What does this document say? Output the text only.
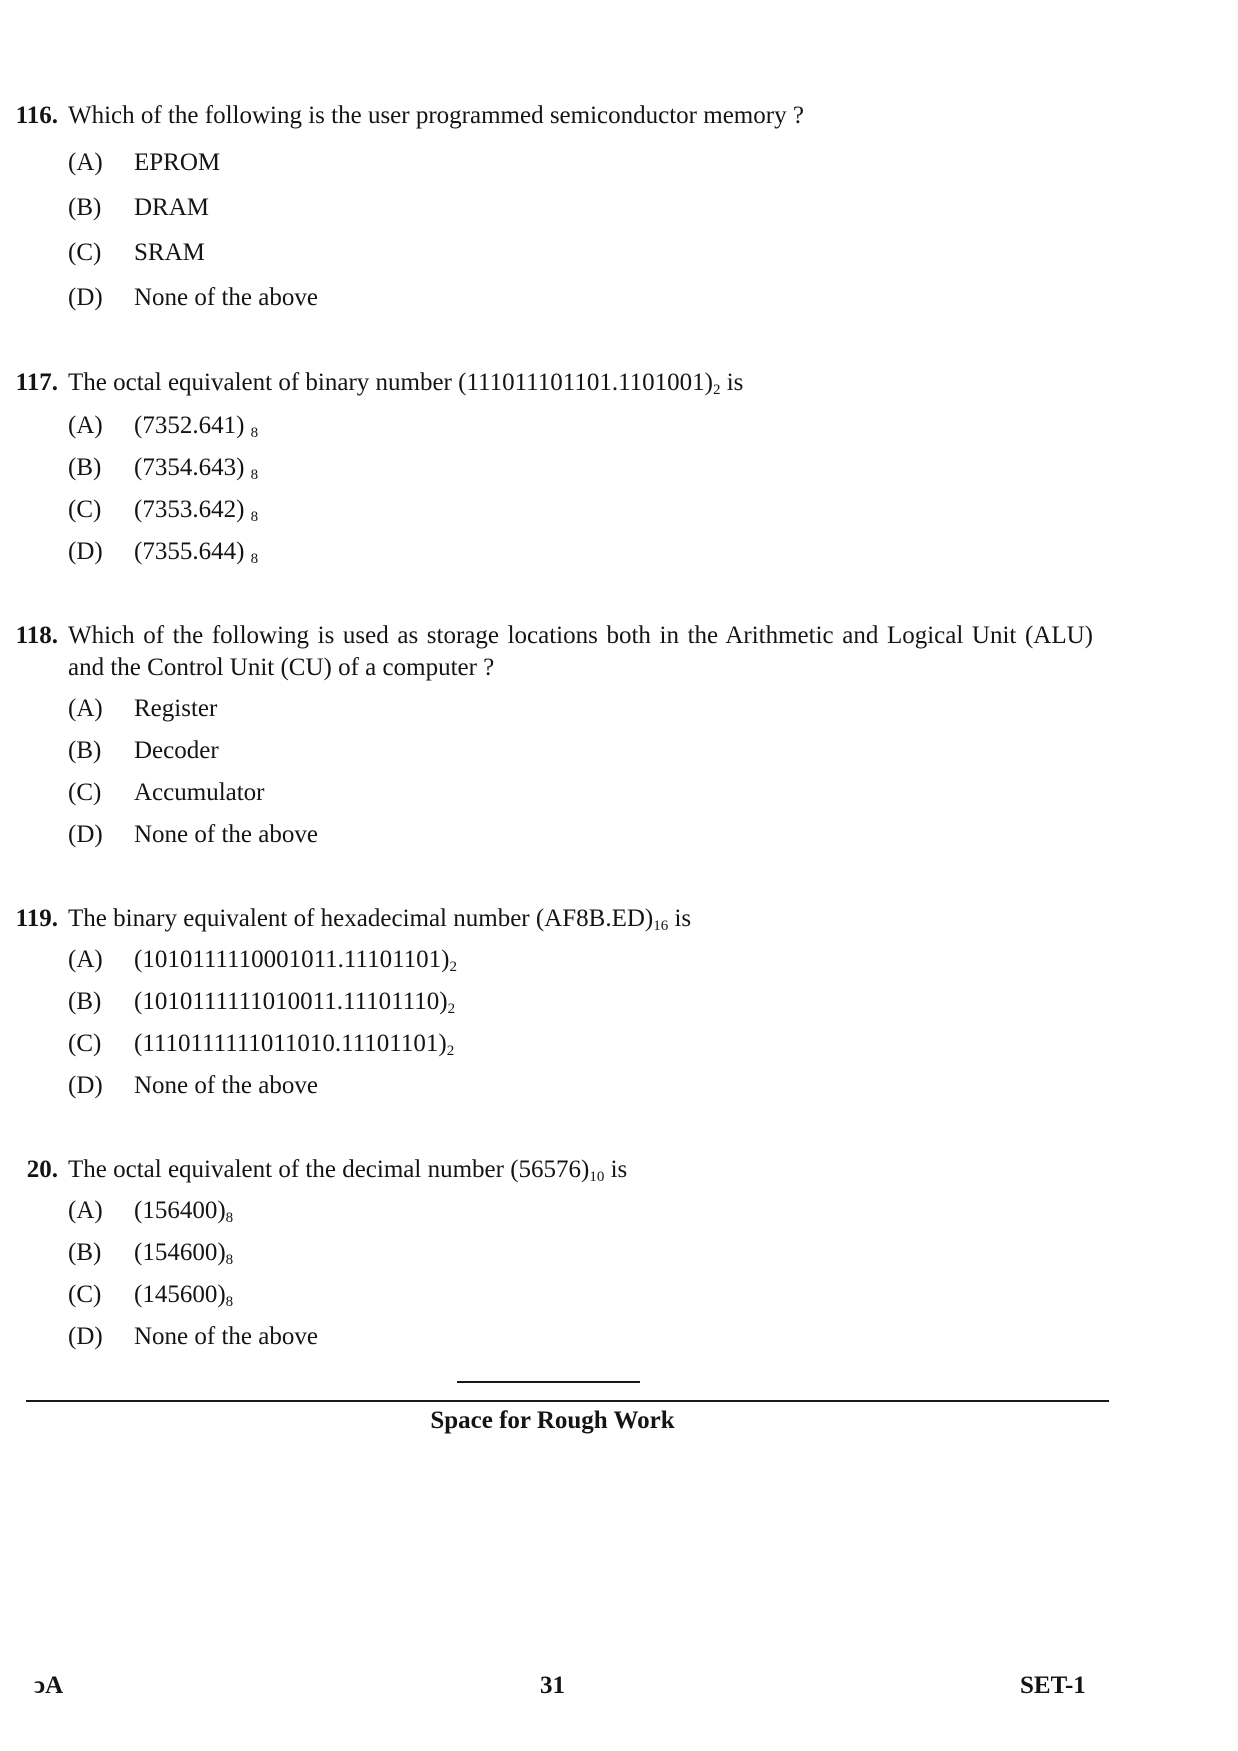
116. Which of the following is the user programmed semiconductor memory ?
(A) EPROM
(B) DRAM
(C) SRAM
(D) None of the above
117. The octal equivalent of binary number $(111011101101.1101001)_2$ is
(A) (7352.641) $_8$
(B) (7354.643) $_8$
(C) (7353.642) $_8$
(D) (7355.644) $_8$
118. Which of the following is used as storage locations both in the Arithmetic and Logical Unit (ALU) and the Control Unit (CU) of a computer ?
(A) Register
(B) Decoder
(C) Accumulator
(D) None of the above
119. The binary equivalent of hexadecimal number $(AF8B.ED)_{16}$ is
(A) $(1010111110001011.11101101)_2$
(B) $(1010111111010011.11101110)_2$
(C) $(1110111111011010.11101101)_2$
(D) None of the above
20. The octal equivalent of the decimal number $(56576)_{10}$ is
(A) $(156400)_8$
(B) $(154600)_8$
(C) $(145600)_8$
(D) None of the above
Space for Rough Work
ͻA	31	SET-1
